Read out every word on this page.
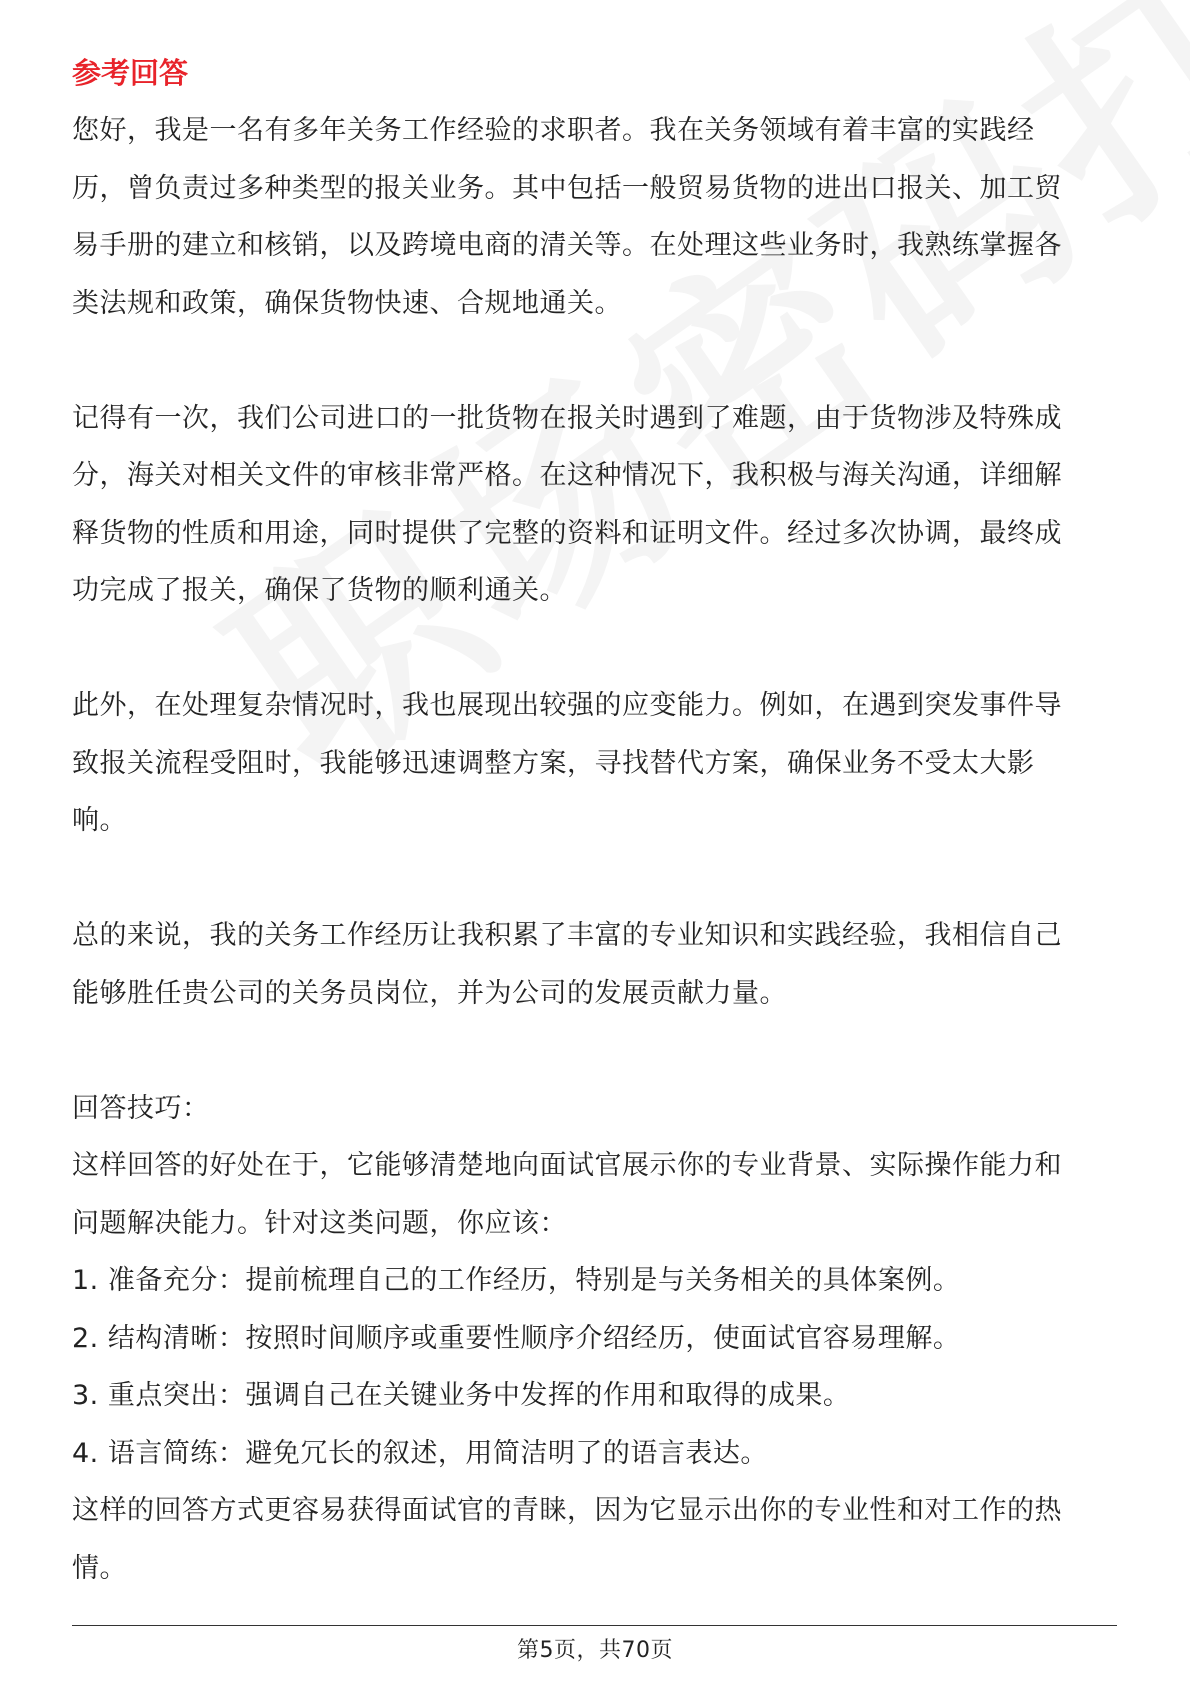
参考回答

您好，我是一名有多年关务工作经验的求职者。我在关务领域有着丰富的实践经

历，曾负责过多种类型的报关业务。其中包括一般贸易货物的进出口报关、加工贸

易手册的建立和核销，以及跨境电商的清关等。在处理这些业务时，我熟练掌握各

类法规和政策，确保货物快速、合规地通关。

记得有一次，我们公司进口的一批货物在报关时遇到了难题，由于货物涉及特殊成

分，海关对相关文件的审核非常严格。在这种情况下，我积极与海关沟通，详细解

释货物的性质和用途，同时提供了完整的资料和证明文件。经过多次协调，最终成

功完成了报关，确保了货物的顺利通关。

此外，在处理复杂情况时，我也展现出较强的应变能力。例如，在遇到突发事件导

致报关流程受阻时，我能够迅速调整方案，寻找替代方案，确保业务不受太大影

响。

总的来说，我的关务工作经历让我积累了丰富的专业知识和实践经验，我相信自己

能够胜任贵公司的关务员岗位，并为公司的发展贡献力量。

回答技巧：

这样回答的好处在于，它能够清楚地向面试官展示你的专业背景、实际操作能力和

问题解决能力。针对这类问题，你应该：

1. 准备充分：提前梳理自己的工作经历，特别是与关务相关的具体案例。

2. 结构清晰：按照时间顺序或重要性顺序介绍经历，使面试官容易理解。

3. 重点突出：强调自己在关键业务中发挥的作用和取得的成果。

4. 语言简练：避免冗长的叙述，用简洁明了的语言表达。

这样的回答方式更容易获得面试官的青睐，因为它显示出你的专业性和对工作的热

情。

第5页，共70页
